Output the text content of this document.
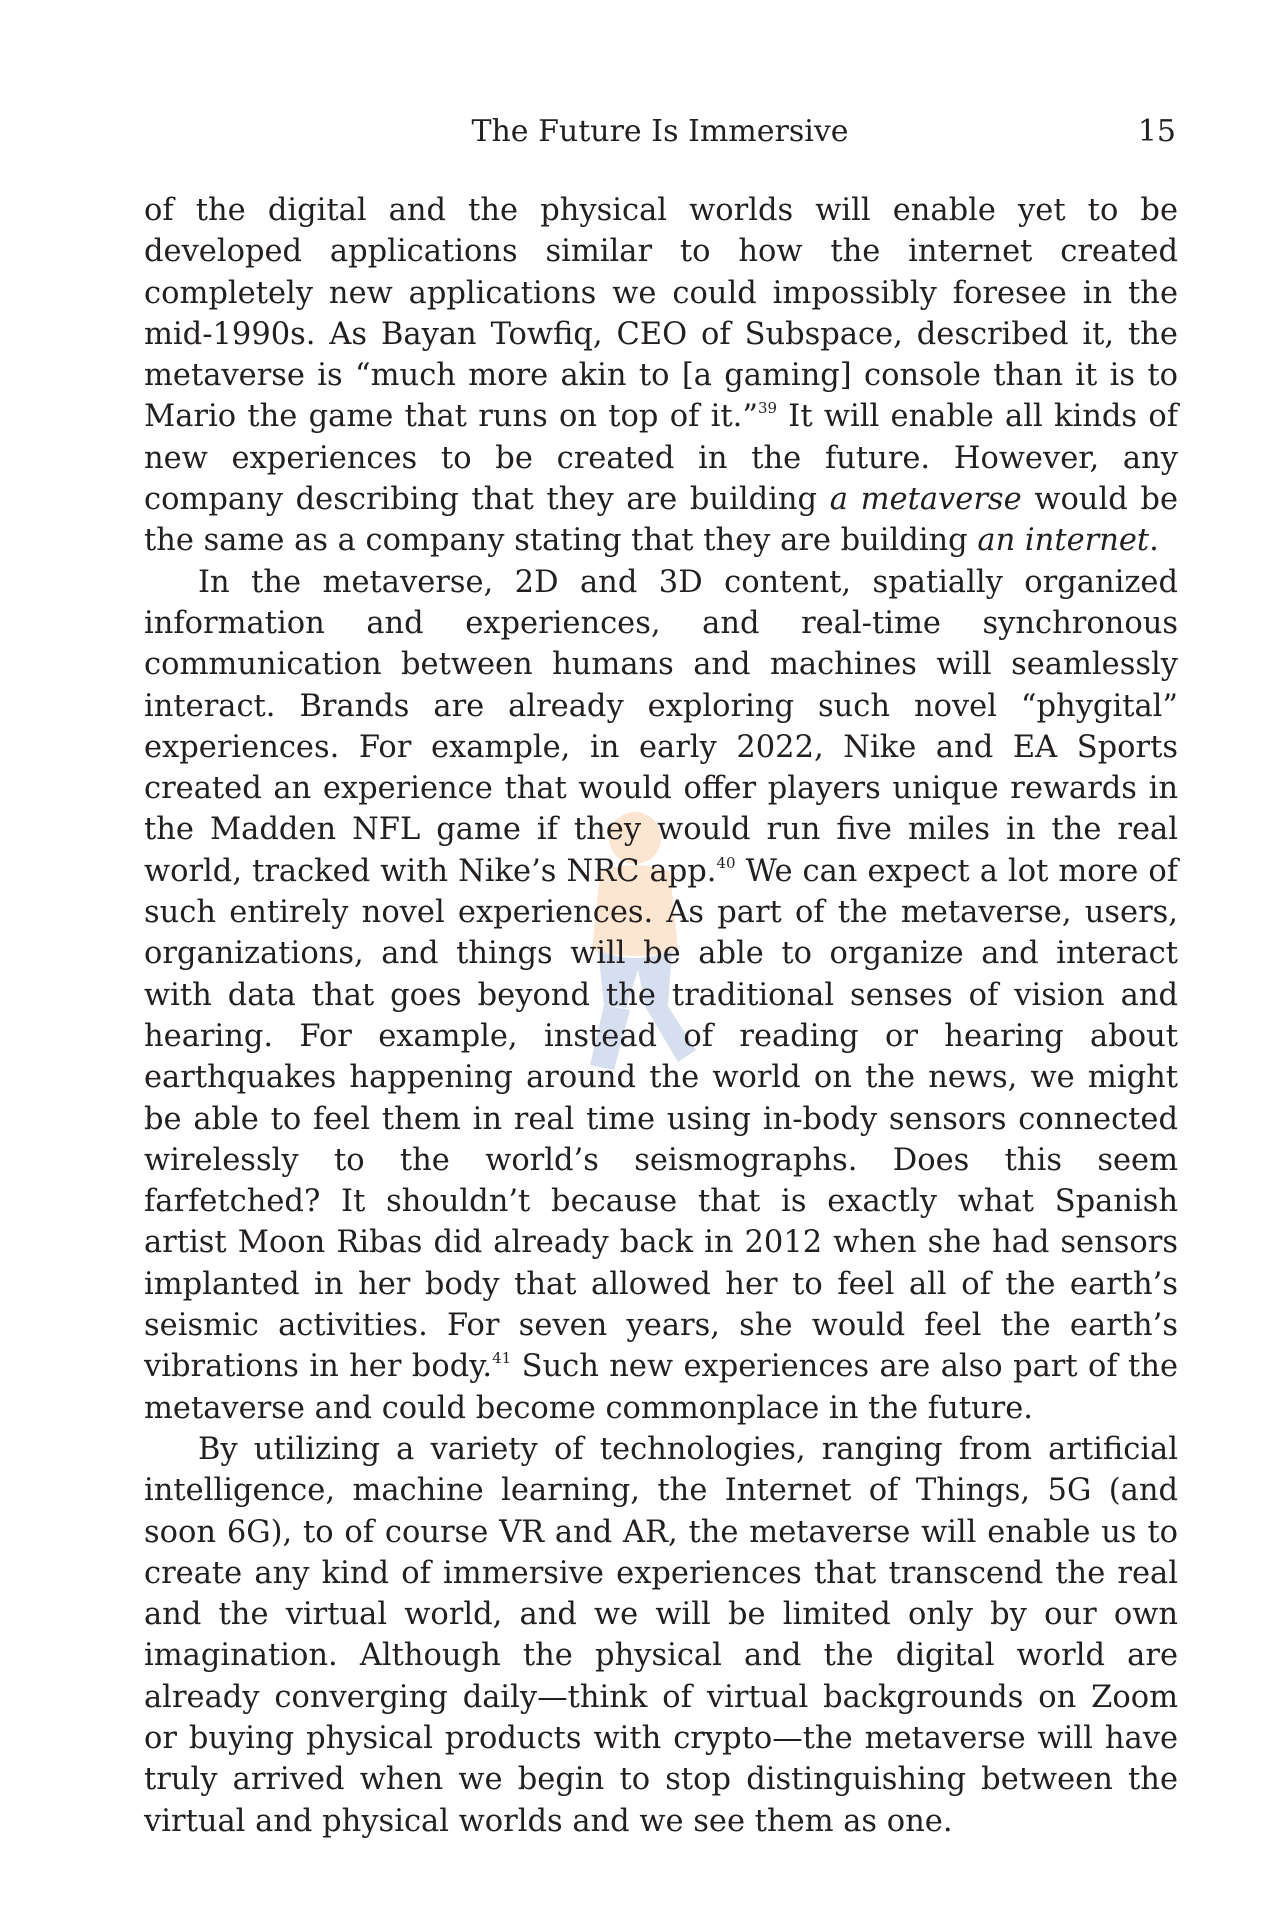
The Future Is Immersive	15

of the digital and the physical worlds will enable yet to be developed applications similar to how the internet created completely new applications we could impossibly foresee in the mid-1990s. As Bayan Towfiq, CEO of Subspace, described it, the metaverse is “much more akin to [a gaming] console than it is to Mario the game that runs on top of it.”$^{39}$ It will enable all kinds of new experiences to be created in the future. However, any company describing that they are building a metaverse would be the same as a company stating that they are building an internet.

In the metaverse, 2D and 3D content, spatially organized information and experiences, and real-time synchronous communication between humans and machines will seamlessly interact. Brands are already exploring such novel “phygital” experiences. For example, in early 2022, Nike and EA Sports created an experience that would offer players unique rewards in the Madden NFL game if they would run five miles in the real world, tracked with Nike’s NRC app.$^{40}$ We can expect a lot more of such entirely novel experiences. As part of the metaverse, users, organizations, and things will be able to organize and interact with data that goes beyond the traditional senses of vision and hearing. For example, instead of reading or hearing about earthquakes happening around the world on the news, we might be able to feel them in real time using in-body sensors connected wirelessly to the world’s seismographs. Does this seem farfetched? It shouldn’t because that is exactly what Spanish artist Moon Ribas did already back in 2012 when she had sensors implanted in her body that allowed her to feel all of the earth’s seismic activities. For seven years, she would feel the earth’s vibrations in her body.$^{41}$ Such new experiences are also part of the metaverse and could become commonplace in the future.

By utilizing a variety of technologies, ranging from artificial intelligence, machine learning, the Internet of Things, 5G (and soon 6G), to of course VR and AR, the metaverse will enable us to create any kind of immersive experiences that transcend the real and the virtual world, and we will be limited only by our own imagination. Although the physical and the digital world are already converging daily—think of virtual backgrounds on Zoom or buying physical products with crypto—the metaverse will have truly arrived when we begin to stop distinguishing between the virtual and physical worlds and we see them as one.
